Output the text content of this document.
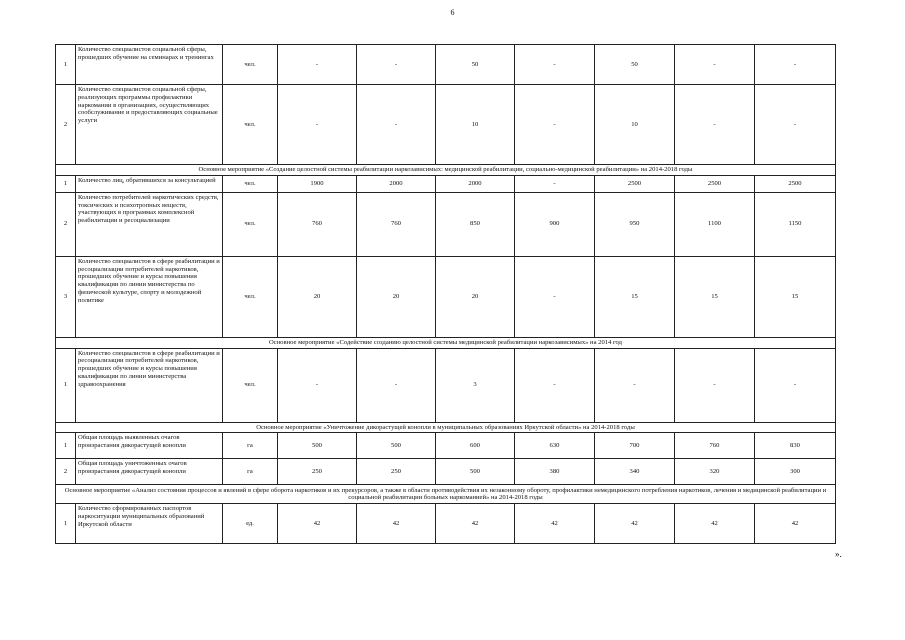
6
1	Количество специалистов социальной сферы, прошедших обучение на семинарах и тренингах	чел.	-	-	50	-	50	-	-
2	Количество специалистов социальной сферы, реализующих программы профилактики наркомании в организациях, осуществляющих сообслуживание и предоставляющих социальные услуги	чел.	-	-	10	-	10	-	-
Основное мероприятие «Создание целостной системы реабилитации наркозависимых: медицинской реабилитации, социально-медицинской реабилитации» на 2014-2018 годы									
1	Количество лиц, обратившихся за консультацией	чел.	1900	2000	2000	-	2500	2500	2500
2	Количество потребителей наркотических средств, токсических и психотропных веществ, участвующих в программах комплексной реабилитации и ресоциализации	чел.	760	760	850	900	950	1100	1150
3	Количество специалистов в сфере реабилитации и ресоциализации потребителей наркотиков, прошедших обучение и курсы повышения квалификации по линии министерства по физической культуре, спорту и молодежной политике	чел.	20	20	20	-	15	15	15
Основное мероприятие «Содействие созданию целостной системы медицинской реабилитации наркозависимых» на 2014 год									
1	Количество специалистов в сфере реабилитации и ресоциализации потребителей наркотиков, прошедших обучение и курсы повышения квалификации по линии министерства здравоохранения	чел.	-	-	3	-	-	-	-
Основное мероприятие «Уничтожение дикорастущей конопли в муниципальных образованиях Иркутской области» на 2014-2018 годы									
1	Общая площадь выявленных очагов произрастания дикорастущей конопли	га	500	500	600	630	700	760	830
2	Общая площадь уничтоженных очагов произрастания дикорастущей конопли	га	250	250	500	380	340	320	300
Основное мероприятие «Анализ состояния процессов и явлений в сфере оборота наркотиков и их прекурсоров, а также в области противодействия их незаконному обороту, профилактики немедицинского потребления наркотиков, лечения и медицинской реабилитации и социальной реабилитации больных наркоманией» на 2014-2018 годы									
1	Количество сформированных паспортов наркоситуации муниципальных образований Иркутской области	ед.	42	42	42	42	42	42	42
».
